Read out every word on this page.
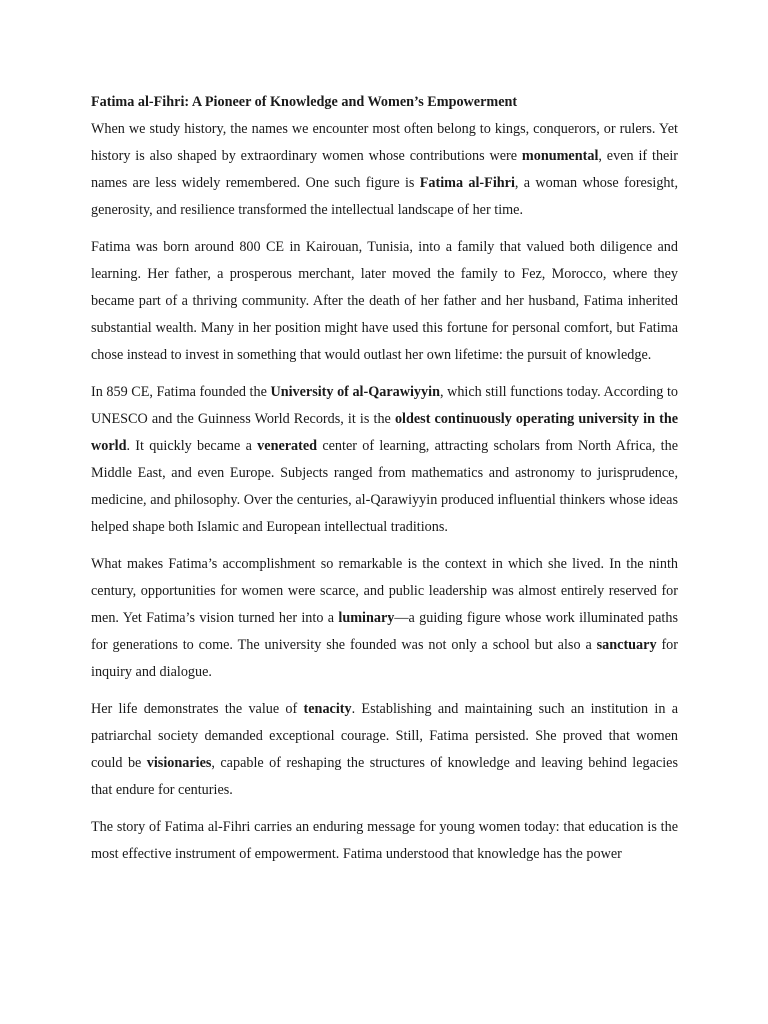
Fatima al-Fihri: A Pioneer of Knowledge and Women’s Empowerment

When we study history, the names we encounter most often belong to kings, conquerors, or rulers. Yet history is also shaped by extraordinary women whose contributions were monumental, even if their names are less widely remembered. One such figure is Fatima al-Fihri, a woman whose foresight, generosity, and resilience transformed the intellectual landscape of her time.

Fatima was born around 800 CE in Kairouan, Tunisia, into a family that valued both diligence and learning. Her father, a prosperous merchant, later moved the family to Fez, Morocco, where they became part of a thriving community. After the death of her father and her husband, Fatima inherited substantial wealth. Many in her position might have used this fortune for personal comfort, but Fatima chose instead to invest in something that would outlast her own lifetime: the pursuit of knowledge.

In 859 CE, Fatima founded the University of al-Qarawiyyin, which still functions today. According to UNESCO and the Guinness World Records, it is the oldest continuously operating university in the world. It quickly became a venerated center of learning, attracting scholars from North Africa, the Middle East, and even Europe. Subjects ranged from mathematics and astronomy to jurisprudence, medicine, and philosophy. Over the centuries, al-Qarawiyyin produced influential thinkers whose ideas helped shape both Islamic and European intellectual traditions.

What makes Fatima’s accomplishment so remarkable is the context in which she lived. In the ninth century, opportunities for women were scarce, and public leadership was almost entirely reserved for men. Yet Fatima’s vision turned her into a luminary—a guiding figure whose work illuminated paths for generations to come. The university she founded was not only a school but also a sanctuary for inquiry and dialogue.

Her life demonstrates the value of tenacity. Establishing and maintaining such an institution in a patriarchal society demanded exceptional courage. Still, Fatima persisted. She proved that women could be visionaries, capable of reshaping the structures of knowledge and leaving behind legacies that endure for centuries.

The story of Fatima al-Fihri carries an enduring message for young women today: that education is the most effective instrument of empowerment. Fatima understood that knowledge has the power
